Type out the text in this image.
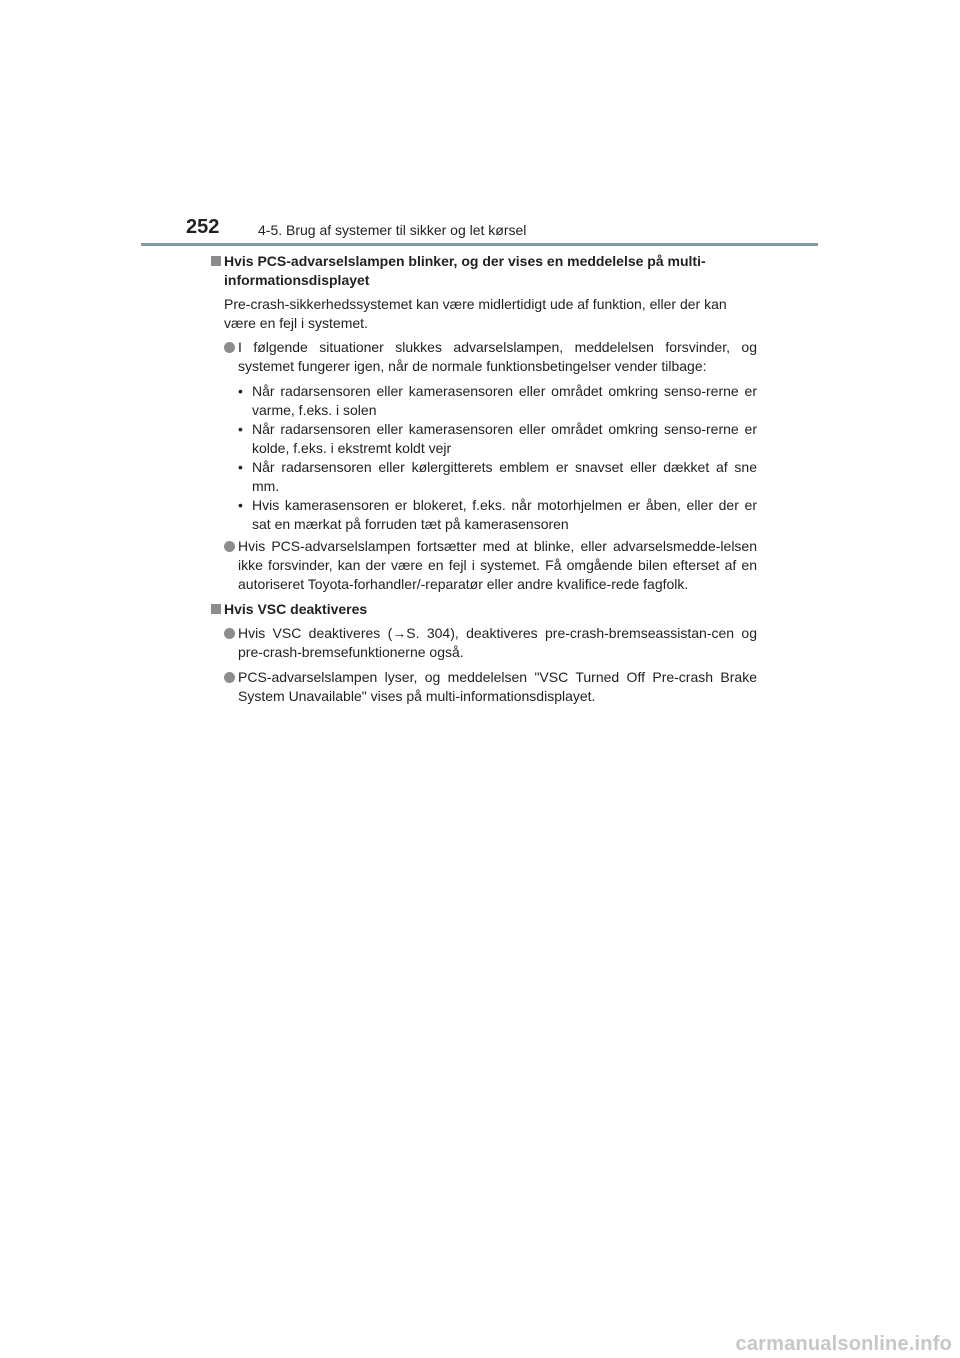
252	4-5. Brug af systemer til sikker og let kørsel
Hvis PCS-advarselslampen blinker, og der vises en meddelelse på multi-
informationsdisplayet

Pre-crash-sikkerhedssystemet kan være midlertidigt ude af funktion, eller der kan være en fejl i systemet.

I følgende situationer slukkes advarselslampen, meddelelsen forsvinder, og systemet fungerer igen, når de normale funktionsbetingelser vender tilbage:
• Når radarsensoren eller kamerasensoren eller området omkring senso-rerne er varme, f.eks. i solen
• Når radarsensoren eller kamerasensoren eller området omkring senso-rerne er kolde, f.eks. i ekstremt koldt vejr
• Når radarsensoren eller kølergitterets emblem er snavset eller dækket af sne mm.
• Hvis kamerasensoren er blokeret, f.eks. når motorhjelmen er åben, eller der er sat en mærkat på forruden tæt på kamerasensoren
Hvis PCS-advarselslampen fortsætter med at blinke, eller advarselsmedde-lelsen ikke forsvinder, kan der være en fejl i systemet. Få omgående bilen efterset af en autoriseret Toyota-forhandler/-reparatør eller andre kvalifice-rede fagfolk.
Hvis VSC deaktiveres
Hvis VSC deaktiveres (→S. 304), deaktiveres pre-crash-bremseassistan-cen og pre-crash-bremsefunktionerne også.
PCS-advarselslampen lyser, og meddelelsen "VSC Turned Off Pre-crash Brake System Unavailable" vises på multi-informationsdisplayet.
carmanualsonline.info
